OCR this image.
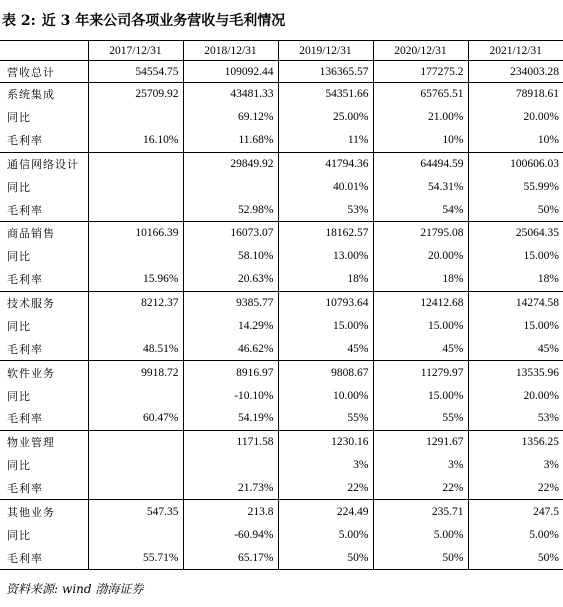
表 2: 近 3 年来公司各项业务营收与毛利情况
	2017/12/31	2018/12/31	2019/12/31	2020/12/31	2021/12/31
营收总计	54554.75	109092.44	136365.57	177275.2	234003.28
系统集成	25709.92	43481.33	54351.66	65765.51	78918.61
同比		69.12%	25.00%	21.00%	20.00%
毛利率	16.10%	11.68%	11%	10%	10%
通信网络设计		29849.92	41794.36	64494.59	100606.03
同比			40.01%	54.31%	55.99%
毛利率		52.98%	53%	54%	50%
商品销售	10166.39	16073.07	18162.57	21795.08	25064.35
同比		58.10%	13.00%	20.00%	15.00%
毛利率	15.96%	20.63%	18%	18%	18%
技术服务	8212.37	9385.77	10793.64	12412.68	14274.58
同比		14.29%	15.00%	15.00%	15.00%
毛利率	48.51%	46.62%	45%	45%	45%
软件业务	9918.72	8916.97	9808.67	11279.97	13535.96
同比		-10.10%	10.00%	15.00%	20.00%
毛利率	60.47%	54.19%	55%	55%	53%
物业管理		1171.58	1230.16	1291.67	1356.25
同比			3%	3%	3%
毛利率		21.73%	22%	22%	22%
其他业务	547.35	213.8	224.49	235.71	247.5
同比		-60.94%	5.00%	5.00%	5.00%
毛利率	55.71%	65.17%	50%	50%	50%
资料来源: wind 渤海证券
